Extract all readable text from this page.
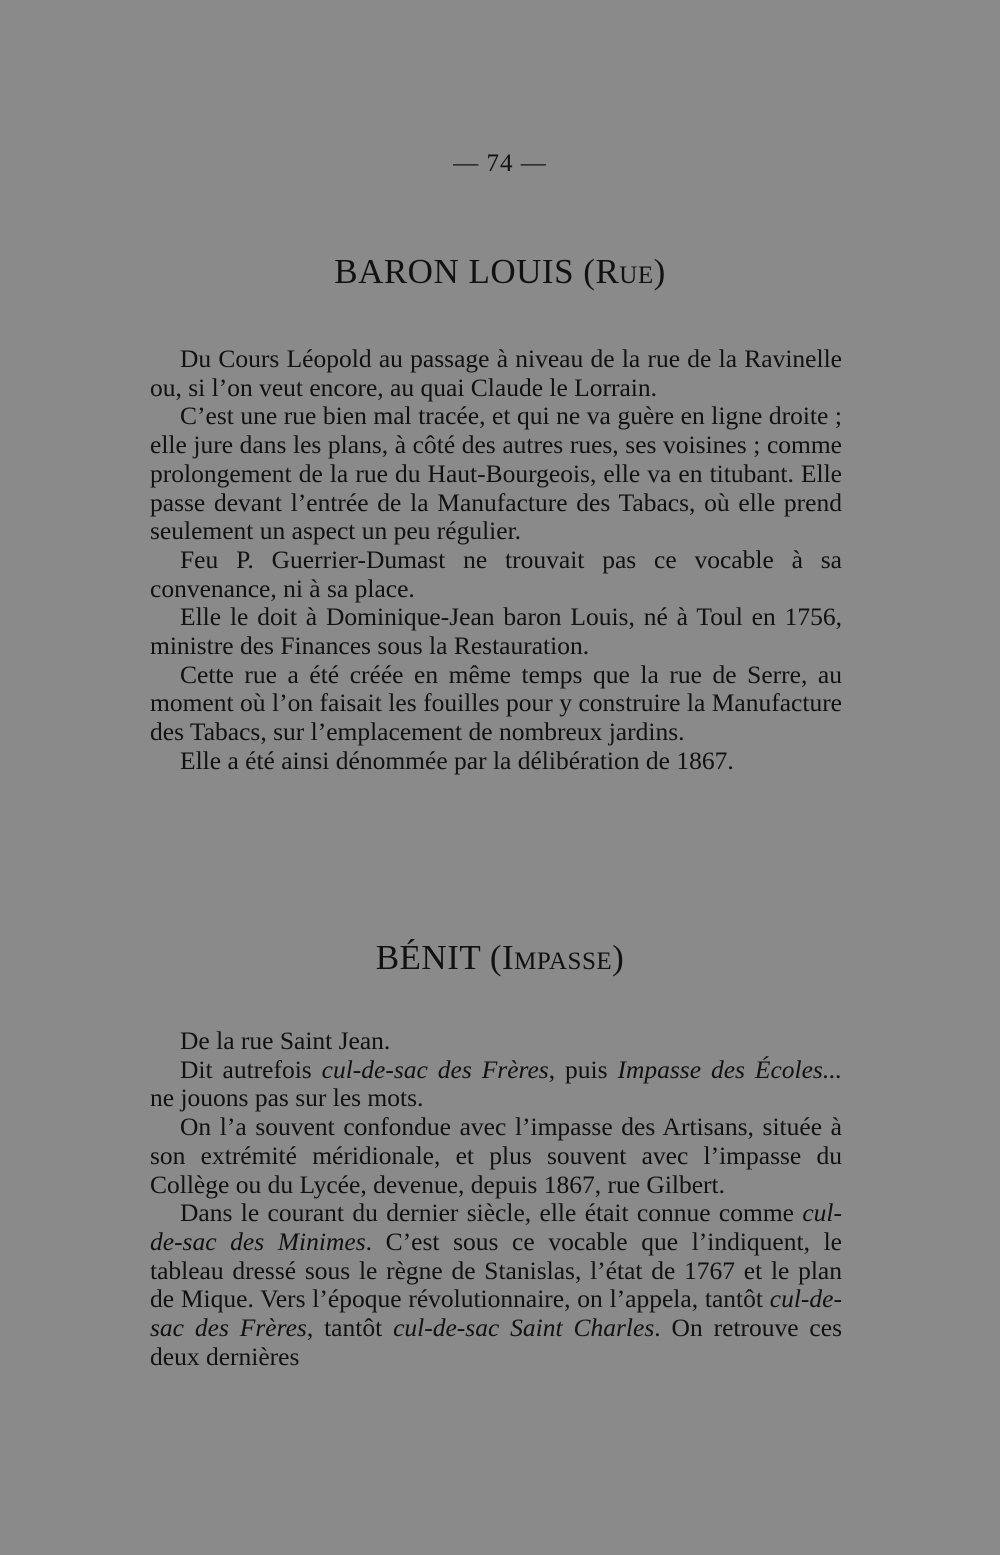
— 74 —
BARON LOUIS (Rue)

Du Cours Léopold au passage à niveau de la rue de la Ravinelle ou, si l’on veut encore, au quai Claude le Lorrain.

C’est une rue bien mal tracée, et qui ne va guère en ligne droite ; elle jure dans les plans, à côté des autres rues, ses voisines ; comme prolongement de la rue du Haut-Bourgeois, elle va en titubant. Elle passe devant l’entrée de la Manufacture des Tabacs, où elle prend seulement un aspect un peu régulier.

Feu P. Guerrier-Dumast ne trouvait pas ce vocable à sa convenance, ni à sa place.

Elle le doit à Dominique-Jean baron Louis, né à Toul en 1756, ministre des Finances sous la Restauration.

Cette rue a été créée en même temps que la rue de Serre, au moment où l’on faisait les fouilles pour y construire la Manufacture des Tabacs, sur l’emplacement de nombreux jardins.

Elle a été ainsi dénommée par la délibération de 1867.

BÉNIT (Impasse)

De la rue Saint Jean.

Dit autrefois cul-de-sac des Frères, puis Impasse des Écoles... ne jouons pas sur les mots.

On l’a souvent confondue avec l’impasse des Artisans, située à son extrémité méridionale, et plus souvent avec l’impasse du Collège ou du Lycée, devenue, depuis 1867, rue Gilbert.

Dans le courant du dernier siècle, elle était connue comme cul-de-sac des Minimes. C’est sous ce vocable que l’indiquent, le tableau dressé sous le règne de Stanislas, l’état de 1767 et le plan de Mique. Vers l’époque révolutionnaire, on l’appela, tantôt cul-de-sac des Frères, tantôt cul-de-sac Saint Charles. On retrouve ces deux dernières
